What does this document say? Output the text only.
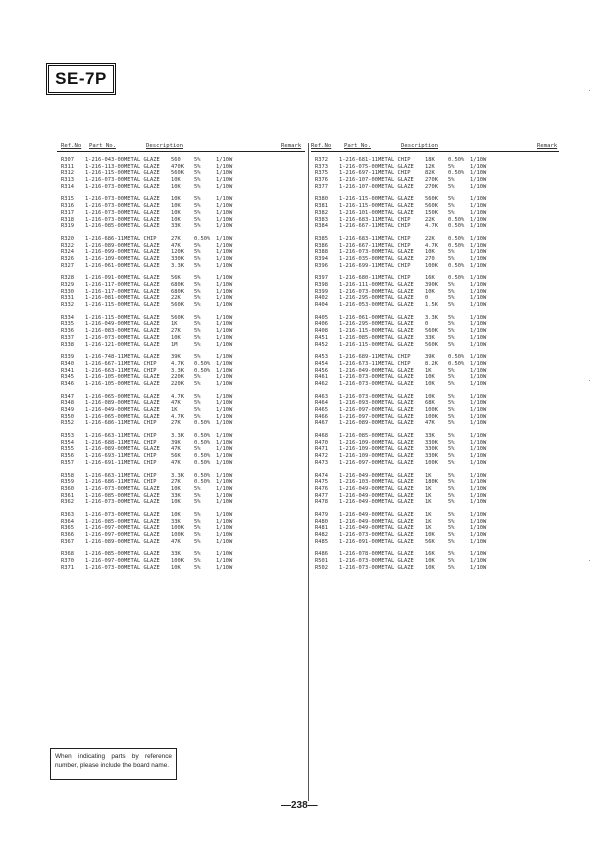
SE-7P
Ref.No Part No.	Description	Remark Ref.No Part No.	Description	Remark
R307 1-216-043-00 METAL GLAZE 560 5%	1/10W
R311 1-216-113-00 METAL GLAZE 470K 5%	1/10W
R312 1-216-115-00 METAL GLAZE 560K 5%	1/10W
R313 1-216-073-00 METAL GLAZE 10K 5%	1/10W
R314 1-216-073-00 METAL GLAZE 10K 5%	1/10W
R315 1-216-073-00 METAL GLAZE 10K 5%	1/10W
R316 1-216-073-00 METAL GLAZE 10K 5%	1/10W
R317 1-216-073-00 METAL GLAZE 10K 5%	1/10W
R318 1-216-073-00 METAL GLAZE 10K 5%	1/10W
R319 1-216-085-00 METAL GLAZE 33K 5%	1/10W
R320 1-216-686-11 METAL CHIP	27K 0.50% 1/10W
R322 1-216-089-00 METAL GLAZE 47K 5%	1/10W
R324 1-216-099-00 METAL GLAZE 120K 5%	1/10W
R326 1-216-109-00 METAL GLAZE 330K 5%	1/10W
R327 1-216-061-00 METAL GLAZE 3.3K 5%	1/10W
R328 1-216-091-00 METAL GLAZE 56K 5%	1/10W
R329 1-216-117-00 METAL GLAZE 680K 5%	1/10W
R330 1-216-117-00 METAL GLAZE 680K 5%	1/10W
R331 1-216-081-00 METAL GLAZE 22K 5%	1/10W
R332 1-216-115-00 METAL GLAZE 560K 5%	1/10W
R334 1-216-115-00 METAL GLAZE 560K 5%	1/10W
R335 1-216-049-00 METAL GLAZE 1K	5%	1/10W
R336 1-216-083-00 METAL GLAZE 27K 5%	1/10W
R337 1-216-073-00 METAL GLAZE 10K 5%	1/10W
R338 1-216-121-00 METAL GLAZE 1M	5%	1/10W
R339 1-216-748-11 METAL GLAZE 39K 5%	1/10W
R340 1-216-667-11 METAL CHIP	4.7K 0.50% 1/10W
R341 1-216-663-11 METAL CHIP	3.3K 0.50% 1/10W
R345 1-216-105-00 METAL GLAZE 220K 5%	1/10W
R346 1-216-105-00 METAL GLAZE 220K 5%	1/10W
R347 1-216-065-00 METAL GLAZE 4.7K 5%	1/10W
R348 1-216-089-00 METAL GLAZE 47K 5%	1/10W
R349 1-216-049-00 METAL GLAZE 1K	5%	1/10W
R350 1-216-065-00 METAL GLAZE 4.7K 5%	1/10W
R352 1-216-686-11 METAL CHIP	27K 0.50% 1/10W
R353 1-216-663-11 METAL CHIP	3.3K 0.50% 1/10W
R354 1-216-688-11 METAL CHIP	39K 0.50% 1/10W
R355 1-216-089-00 METAL GLAZE 47K 5%	1/10W
R356 1-216-693-11 METAL CHIP	56K 0.50% 1/10W
R357 1-216-691-11 METAL CHIP	47K 0.50% 1/10W
R358 1-216-663-11 METAL CHIP	3.3K 0.50% 1/10W
R359 1-216-686-11 METAL CHIP	27K 0.50% 1/10W
R360 1-216-073-00 METAL GLAZE 10K 5%	1/10W
R361 1-216-085-00 METAL GLAZE 33K 5%	1/10W
R362 1-216-073-00 METAL GLAZE 10K 5%	1/10W
R363 1-216-073-00 METAL GLAZE 10K 5%	1/10W
R364 1-216-085-00 METAL GLAZE 33K 5%	1/10W
R365 1-216-097-00 METAL GLAZE 100K 5%	1/10W
R366 1-216-097-00 METAL GLAZE 100K 5%	1/10W
R367 1-216-089-00 METAL GLAZE 47K 5%	1/10W
R368 1-216-085-00 METAL GLAZE 33K 5%	1/10W
R370 1-216-097-00 METAL GLAZE 100K 5%	1/10W
R371 1-216-073-00 METAL GLAZE 10K 5%	1/10W
R372 1-216-681-11 METAL CHIP	18K 0.50% 1/10W
R373 1-216-075-00 METAL GLAZE 12K 5%	1/10W
R375 1-216-697-11 METAL CHIP	82K 0.50% 1/10W
R376 1-216-107-00 METAL GLAZE 270K 5%	1/10W
R377 1-216-107-00 METAL GLAZE 270K 5%	1/10W
R380 1-216-115-00 METAL GLAZE 560K 5%	1/10W
R381 1-216-115-00 METAL GLAZE 560K 5%	1/10W
R382 1-216-101-00 METAL GLAZE 150K 5%	1/10W
R383 1-216-683-11 METAL CHIP	22K 0.50% 1/10W
R384 1-216-667-11 METAL CHIP	4.7K 0.50% 1/10W
R385 1-216-683-11 METAL CHIP	22K 0.50% 1/10W
R386 1-216-667-11 METAL CHIP	4.7K 0.50% 1/10W
R388 1-216-073-00 METAL GLAZE 10K 5%	1/10W
R394 1-216-035-00 METAL GLAZE 270 5%	1/10W
R396 1-216-699-11 METAL CHIP	100K 0.50% 1/10W
R397 1-216-680-11 METAL CHIP	16K 0.50% 1/10W
R398 1-216-111-00 METAL GLAZE 390K 5%	1/10W
R399 1-216-073-00 METAL GLAZE 10K 5%	1/10W
R402 1-216-295-00 METAL GLAZE 0	5%	1/10W
R404 1-216-053-00 METAL GLAZE 1.5K 5%	1/10W
R405 1-216-061-00 METAL GLAZE 3.3K 5%	1/10W
R406 1-216-295-00 METAL GLAZE 0	5%	1/10W
R408 1-216-115-00 METAL GLAZE 560K 5%	1/10W
R451 1-216-085-00 METAL GLAZE 33K 5%	1/10W
R452 1-216-115-00 METAL GLAZE 560K 5%	1/10W
R453 1-216-689-11 METAL CHIP	39K 0.50% 1/10W
R454 1-216-673-11 METAL CHIP	8.2K 0.50% 1/10W
R456 1-216-049-00 METAL GLAZE 1K	5%	1/10W
R461 1-216-073-00 METAL GLAZE 10K 5%	1/10W
R462 1-216-073-00 METAL GLAZE 10K 5%	1/10W
R463 1-216-073-00 METAL GLAZE 10K 5%	1/10W
R464 1-216-093-00 METAL GLAZE 68K 5%	1/10W
R465 1-216-097-00 METAL GLAZE 100K 5%	1/10W
R466 1-216-097-00 METAL GLAZE 100K 5%	1/10W
R467 1-216-089-00 METAL GLAZE 47K 5%	1/10W
R468 1-216-085-00 METAL GLAZE 33K 5%	1/10W
R470 1-216-109-00 METAL GLAZE 330K 5%	1/10W
R471 1-216-109-00 METAL GLAZE 330K 5%	1/10W
R472 1-216-109-00 METAL GLAZE 330K 5%	1/10W
R473 1-216-097-00 METAL GLAZE 100K 5%	1/10W
R474 1-216-049-00 METAL GLAZE 1K	5%	1/10W
R475 1-216-103-00 METAL GLAZE 180K 5%	1/10W
R476 1-216-049-00 METAL GLAZE 1K	5%	1/10W
R477 1-216-049-00 METAL GLAZE 1K	5%	1/10W
R478 1-216-049-00 METAL GLAZE 1K	5%	1/10W
R479 1-216-049-00 METAL GLAZE 1K	5%	1/10W
R480 1-216-049-00 METAL GLAZE 1K	5%	1/10W
R481 1-216-049-00 METAL GLAZE 1K	5%	1/10W
R482 1-216-073-00 METAL GLAZE 10K 5%	1/10W
R485 1-216-091-00 METAL GLAZE 56K 5%	1/10W
R486 1-216-078-00 METAL GLAZE 16K 5%	1/10W
R501 1-216-073-00 METAL GLAZE 10K 5%	1/10W
R502 1-216-073-00 METAL GLAZE 10K 5%	1/10W
When indicating parts by reference number, please include the board name.
—238—
